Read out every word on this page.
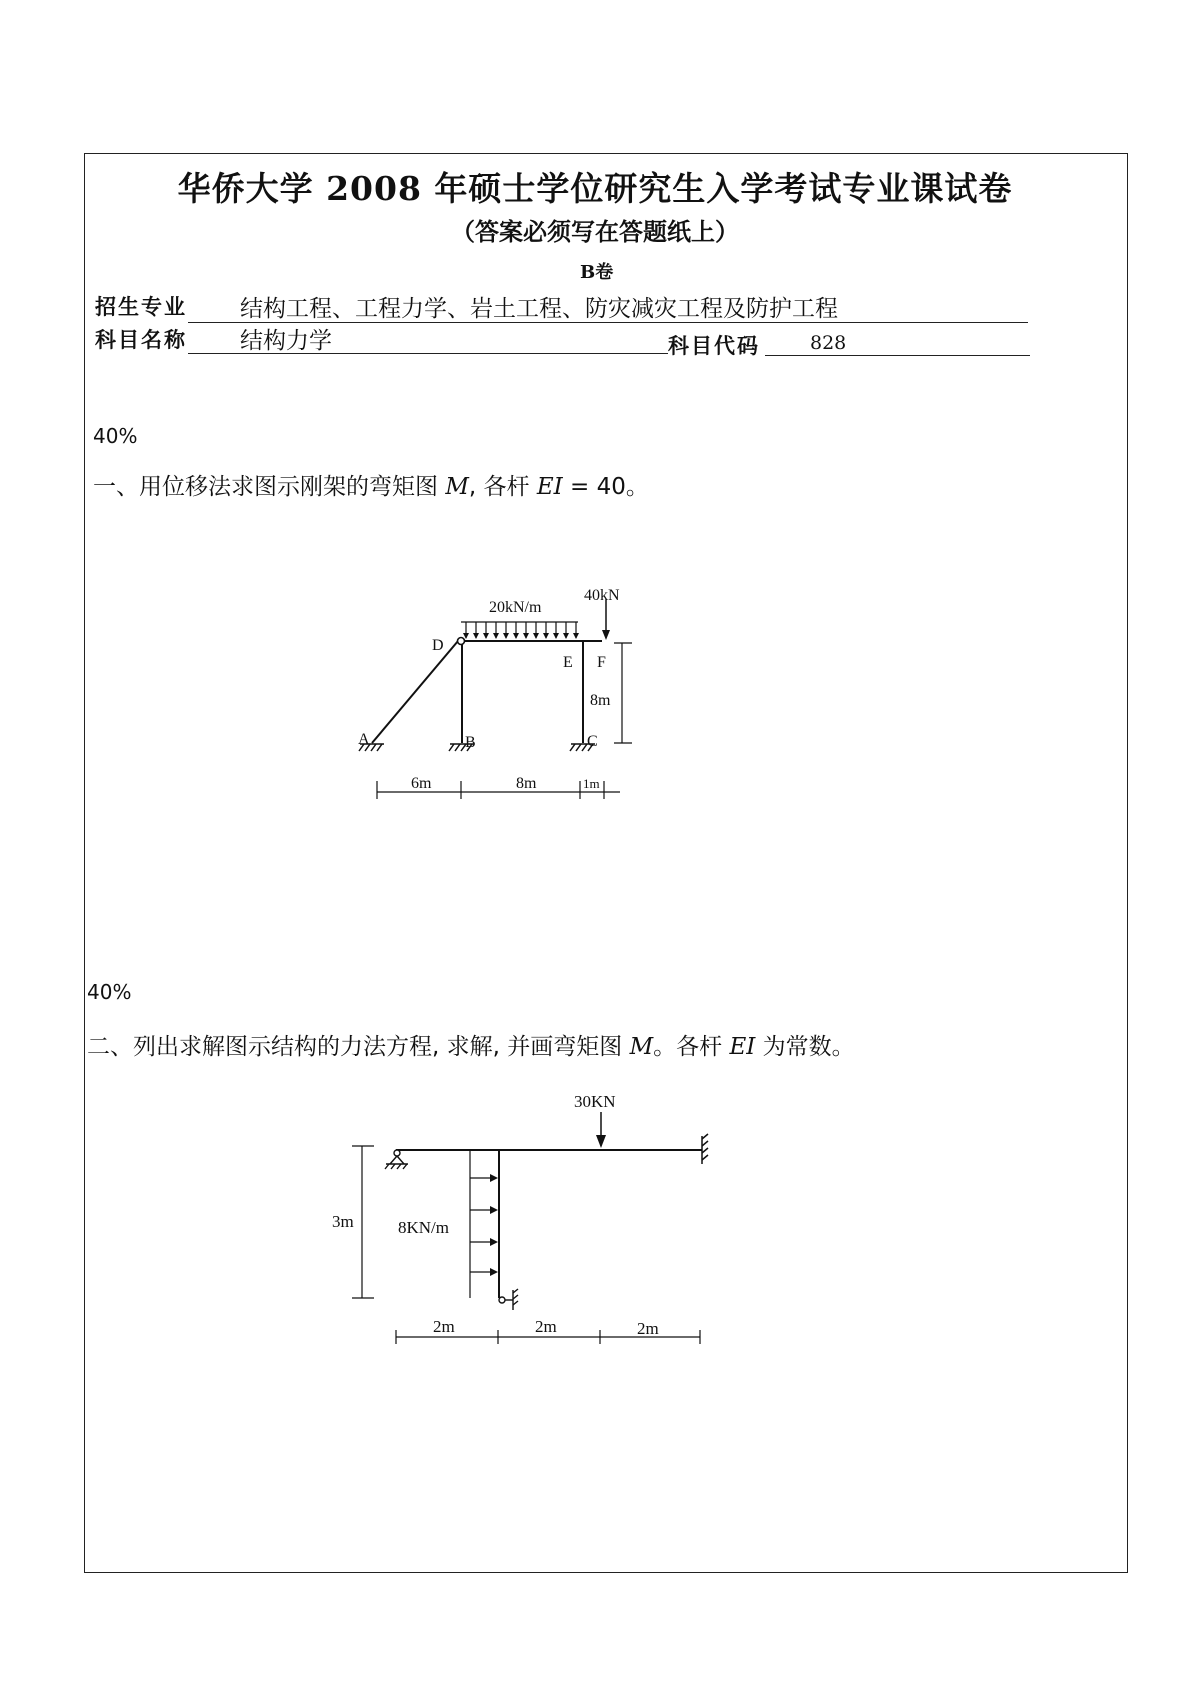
华侨大学 2008 年硕士学位研究生入学考试专业课试卷
（答案必须写在答题纸上）
B卷
招生专业 结构工程、工程力学、岩土工程、防灾减灾工程及防护工程
科目名称 结构力学	科目代码	828
40%
一、用位移法求图示刚架的弯矩图 M, 各杆 EI = 40。
20kN/m
40kN
D
E F
A	B	C
8m
6m	8m	1m
40%
二、列出求解图示结构的力法方程, 求解, 并画弯矩图 M。各杆 EI 为常数。
8KN/m
30KN
3m
2m	2m	2m
